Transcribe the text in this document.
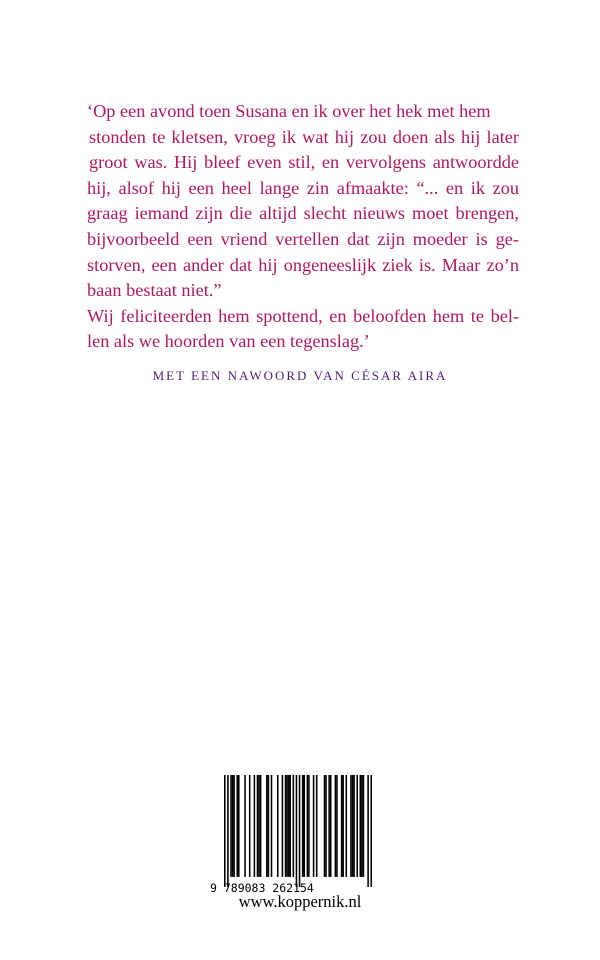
‘Op een avond toen Susana en ik over het hek met hem
stonden te kletsen, vroeg ik wat hij zou doen als hij later
groot was. Hij bleef even stil, en vervolgens antwoordde
hij, alsof hij een heel lange zin afmaakte: “... en ik zou
graag iemand zijn die altijd slecht nieuws moet brengen,
bijvoorbeeld een vriend vertellen dat zijn moeder is ge-
storven, een ander dat hij ongeneeslijk ziek is. Maar zo’n
baan bestaat niet.”
Wij feliciteerden hem spottend, en beloofden hem te bel-
len als we hoorden van een tegenslag.’
MET EEN NAWOORD VAN CÉSAR AIRA
9 789083 262154
www.koppernik.nl
